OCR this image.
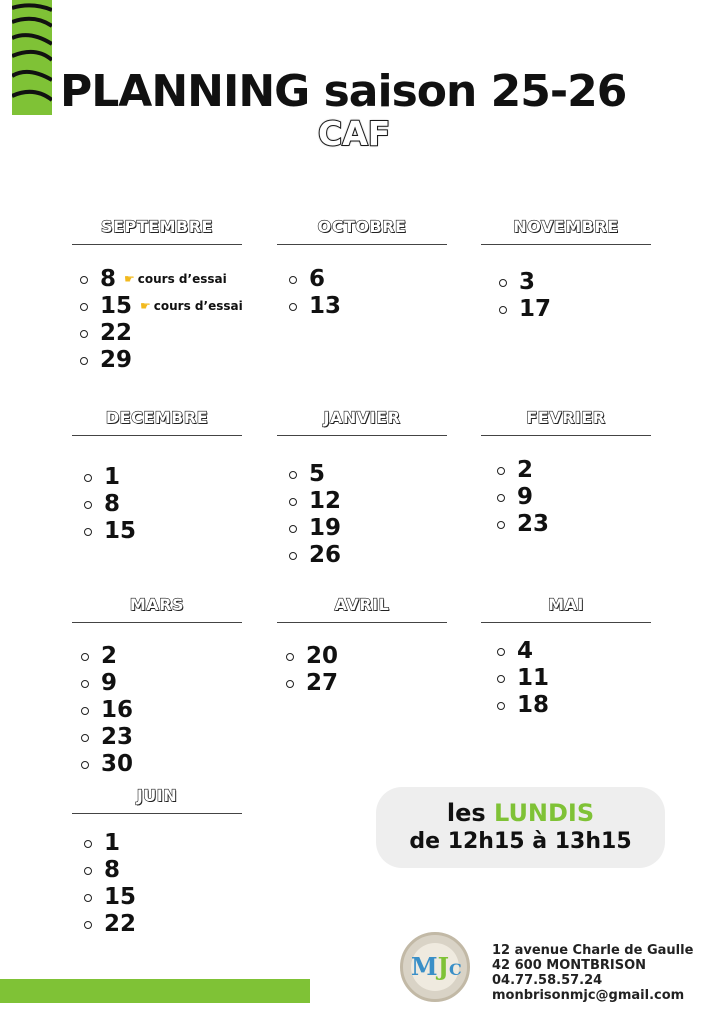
PLANNING saison 25-26
CAF
SEPTEMBRE
8 ☛ cours d’essai
15 ☛ cours d’essai
22
29
OCTOBRE
6
13
NOVEMBRE
3
17
DECEMBRE
1
8
15
JANVIER
5
12
19
26
FEVRIER
2
9
23
MARS
2
9
16
23
30
AVRIL
20
27
MAI
4
11
18
JUIN
1
8
15
22
les LUNDIS
de 12h15 à 13h15
MJC
12 avenue Charle de Gaulle
42 600 MONTBRISON
04.77.58.57.24
monbrisonmjc@gmail.com
